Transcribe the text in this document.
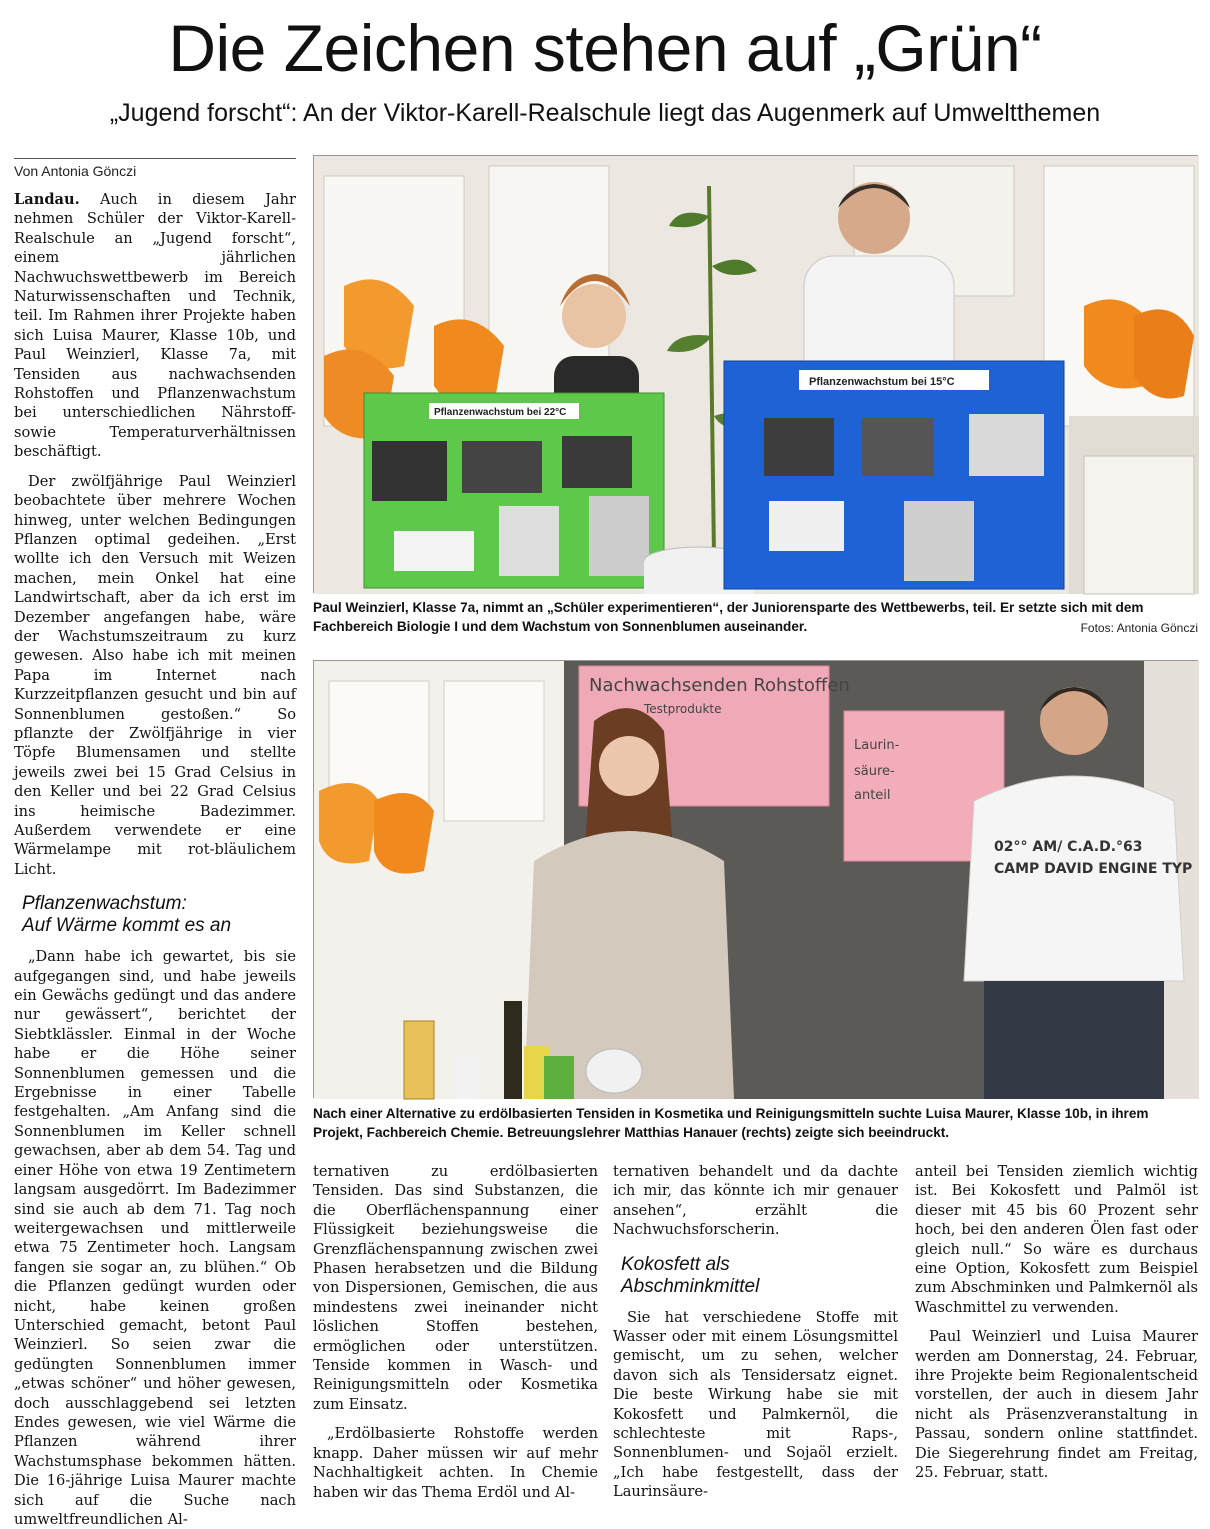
Die Zeichen stehen auf „Grün“
„Jugend forscht“: An der Viktor-Karell-Realschule liegt das Augenmerk auf Umweltthemen
Von Antonia Gönczi

Landau. Auch in diesem Jahr nehmen Schüler der Viktor-Karell-Realschule an „Jugend forscht“, einem jährlichen Nachwuchswettbewerb im Bereich Naturwissenschaften und Technik, teil. Im Rahmen ihrer Projekte haben sich Luisa Maurer, Klasse 10b, und Paul Weinzierl, Klasse 7a, mit Tensiden aus nachwachsenden Rohstoffen und Pflanzenwachstum bei unterschiedlichen Nährstoff- sowie Temperaturverhältnissen beschäftigt.

Der zwölfjährige Paul Weinzierl beobachtete über mehrere Wochen hinweg, unter welchen Bedingungen Pflanzen optimal gedeihen. „Erst wollte ich den Versuch mit Weizen machen, mein Onkel hat eine Landwirtschaft, aber da ich erst im Dezember angefangen habe, wäre der Wachstumszeitraum zu kurz gewesen. Also habe ich mit meinen Papa im Internet nach Kurzzeitpflanzen gesucht und bin auf Sonnenblumen gestoßen.“ So pflanzte der Zwölfjährige in vier Töpfe Blumensamen und stellte jeweils zwei bei 15 Grad Celsius in den Keller und bei 22 Grad Celsius ins heimische Badezimmer. Außerdem verwendete er eine Wärmelampe mit rot-bläulichem Licht.

Pflanzenwachstum:
Auf Wärme kommt es an

„Dann habe ich gewartet, bis sie aufgegangen sind, und habe jeweils ein Gewächs gedüngt und das andere nur gewässert“, berichtet der Siebtklässler. Einmal in der Woche habe er die Höhe seiner Sonnenblumen gemessen und die Ergebnisse in einer Tabelle festgehalten. „Am Anfang sind die Sonnenblumen im Keller schnell gewachsen, aber ab dem 54. Tag und einer Höhe von etwa 19 Zentimetern langsam ausgedörrt. Im Badezimmer sind sie auch ab dem 71. Tag noch weitergewachsen und mittlerweile etwa 75 Zentimeter hoch. Langsam fangen sie sogar an, zu blühen.“ Ob die Pflanzen gedüngt wurden oder nicht, habe keinen großen Unterschied gemacht, betont Paul Weinzierl. So seien zwar die gedüngten Sonnenblumen immer „etwas schöner“ und höher gewesen, doch ausschlaggebend sei letzten Endes gewesen, wie viel Wärme die Pflanzen während ihrer Wachstumsphase bekommen hätten. Die 16-jährige Luisa Maurer machte sich auf die Suche nach umweltfreundlichen Al-

Pflanzenwachstum bei 22°C
Pflanzenwachstum bei 15°C
Paul Weinzierl, Klasse 7a, nimmt an „Schüler experimentieren“, der Juniorensparte des Wettbewerbs, teil. Er setzte sich mit dem Fachbereich Biologie I und dem Wachstum von Sonnenblumen auseinander.	Fotos: Antonia Gönczi
Nachwachsenden Rohstoffen
Testprodukte
Laurin-
säure-
anteil
02°° AM/ C.A.D.°63
CAMP DAVID ENGINE TYP
Nach einer Alternative zu erdölbasierten Tensiden in Kosmetika und Reinigungsmitteln suchte Luisa Maurer, Klasse 10b, in ihrem Projekt, Fachbereich Chemie. Betreuungslehrer Matthias Hanauer (rechts) zeigte sich beeindruckt.

ternativen zu erdölbasierten Tensiden. Das sind Substanzen, die die Oberflächenspannung einer Flüssigkeit beziehungsweise die Grenzflächenspannung zwischen zwei Phasen herabsetzen und die Bildung von Dispersionen, Gemischen, die aus mindestens zwei ineinander nicht löslichen Stoffen bestehen, ermöglichen oder unterstützen. Tenside kommen in Wasch- und Reinigungsmitteln oder Kosmetika zum Einsatz.

„Erdölbasierte Rohstoffe werden knapp. Daher müssen wir auf mehr Nachhaltigkeit achten. In Chemie haben wir das Thema Erdöl und Al-

ternativen behandelt und da dachte ich mir, das könnte ich mir genauer ansehen“, erzählt die Nachwuchsforscherin.

Kokosfett als
Abschminkmittel

Sie hat verschiedene Stoffe mit Wasser oder mit einem Lösungsmittel gemischt, um zu sehen, welcher davon sich als Tensidersatz eignet. Die beste Wirkung habe sie mit Kokosfett und Palmkernöl, die schlechteste mit Raps-, Sonnenblumen- und Sojaöl erzielt. „Ich habe festgestellt, dass der Laurinsäure-

anteil bei Tensiden ziemlich wichtig ist. Bei Kokosfett und Palmöl ist dieser mit 45 bis 60 Prozent sehr hoch, bei den anderen Ölen fast oder gleich null.“ So wäre es durchaus eine Option, Kokosfett zum Beispiel zum Abschminken und Palmkernöl als Waschmittel zu verwenden.

Paul Weinzierl und Luisa Maurer werden am Donnerstag, 24. Februar, ihre Projekte beim Regionalentscheid vorstellen, der auch in diesem Jahr nicht als Präsenzveranstaltung in Passau, sondern online stattfindet. Die Siegerehrung findet am Freitag, 25. Februar, statt.
